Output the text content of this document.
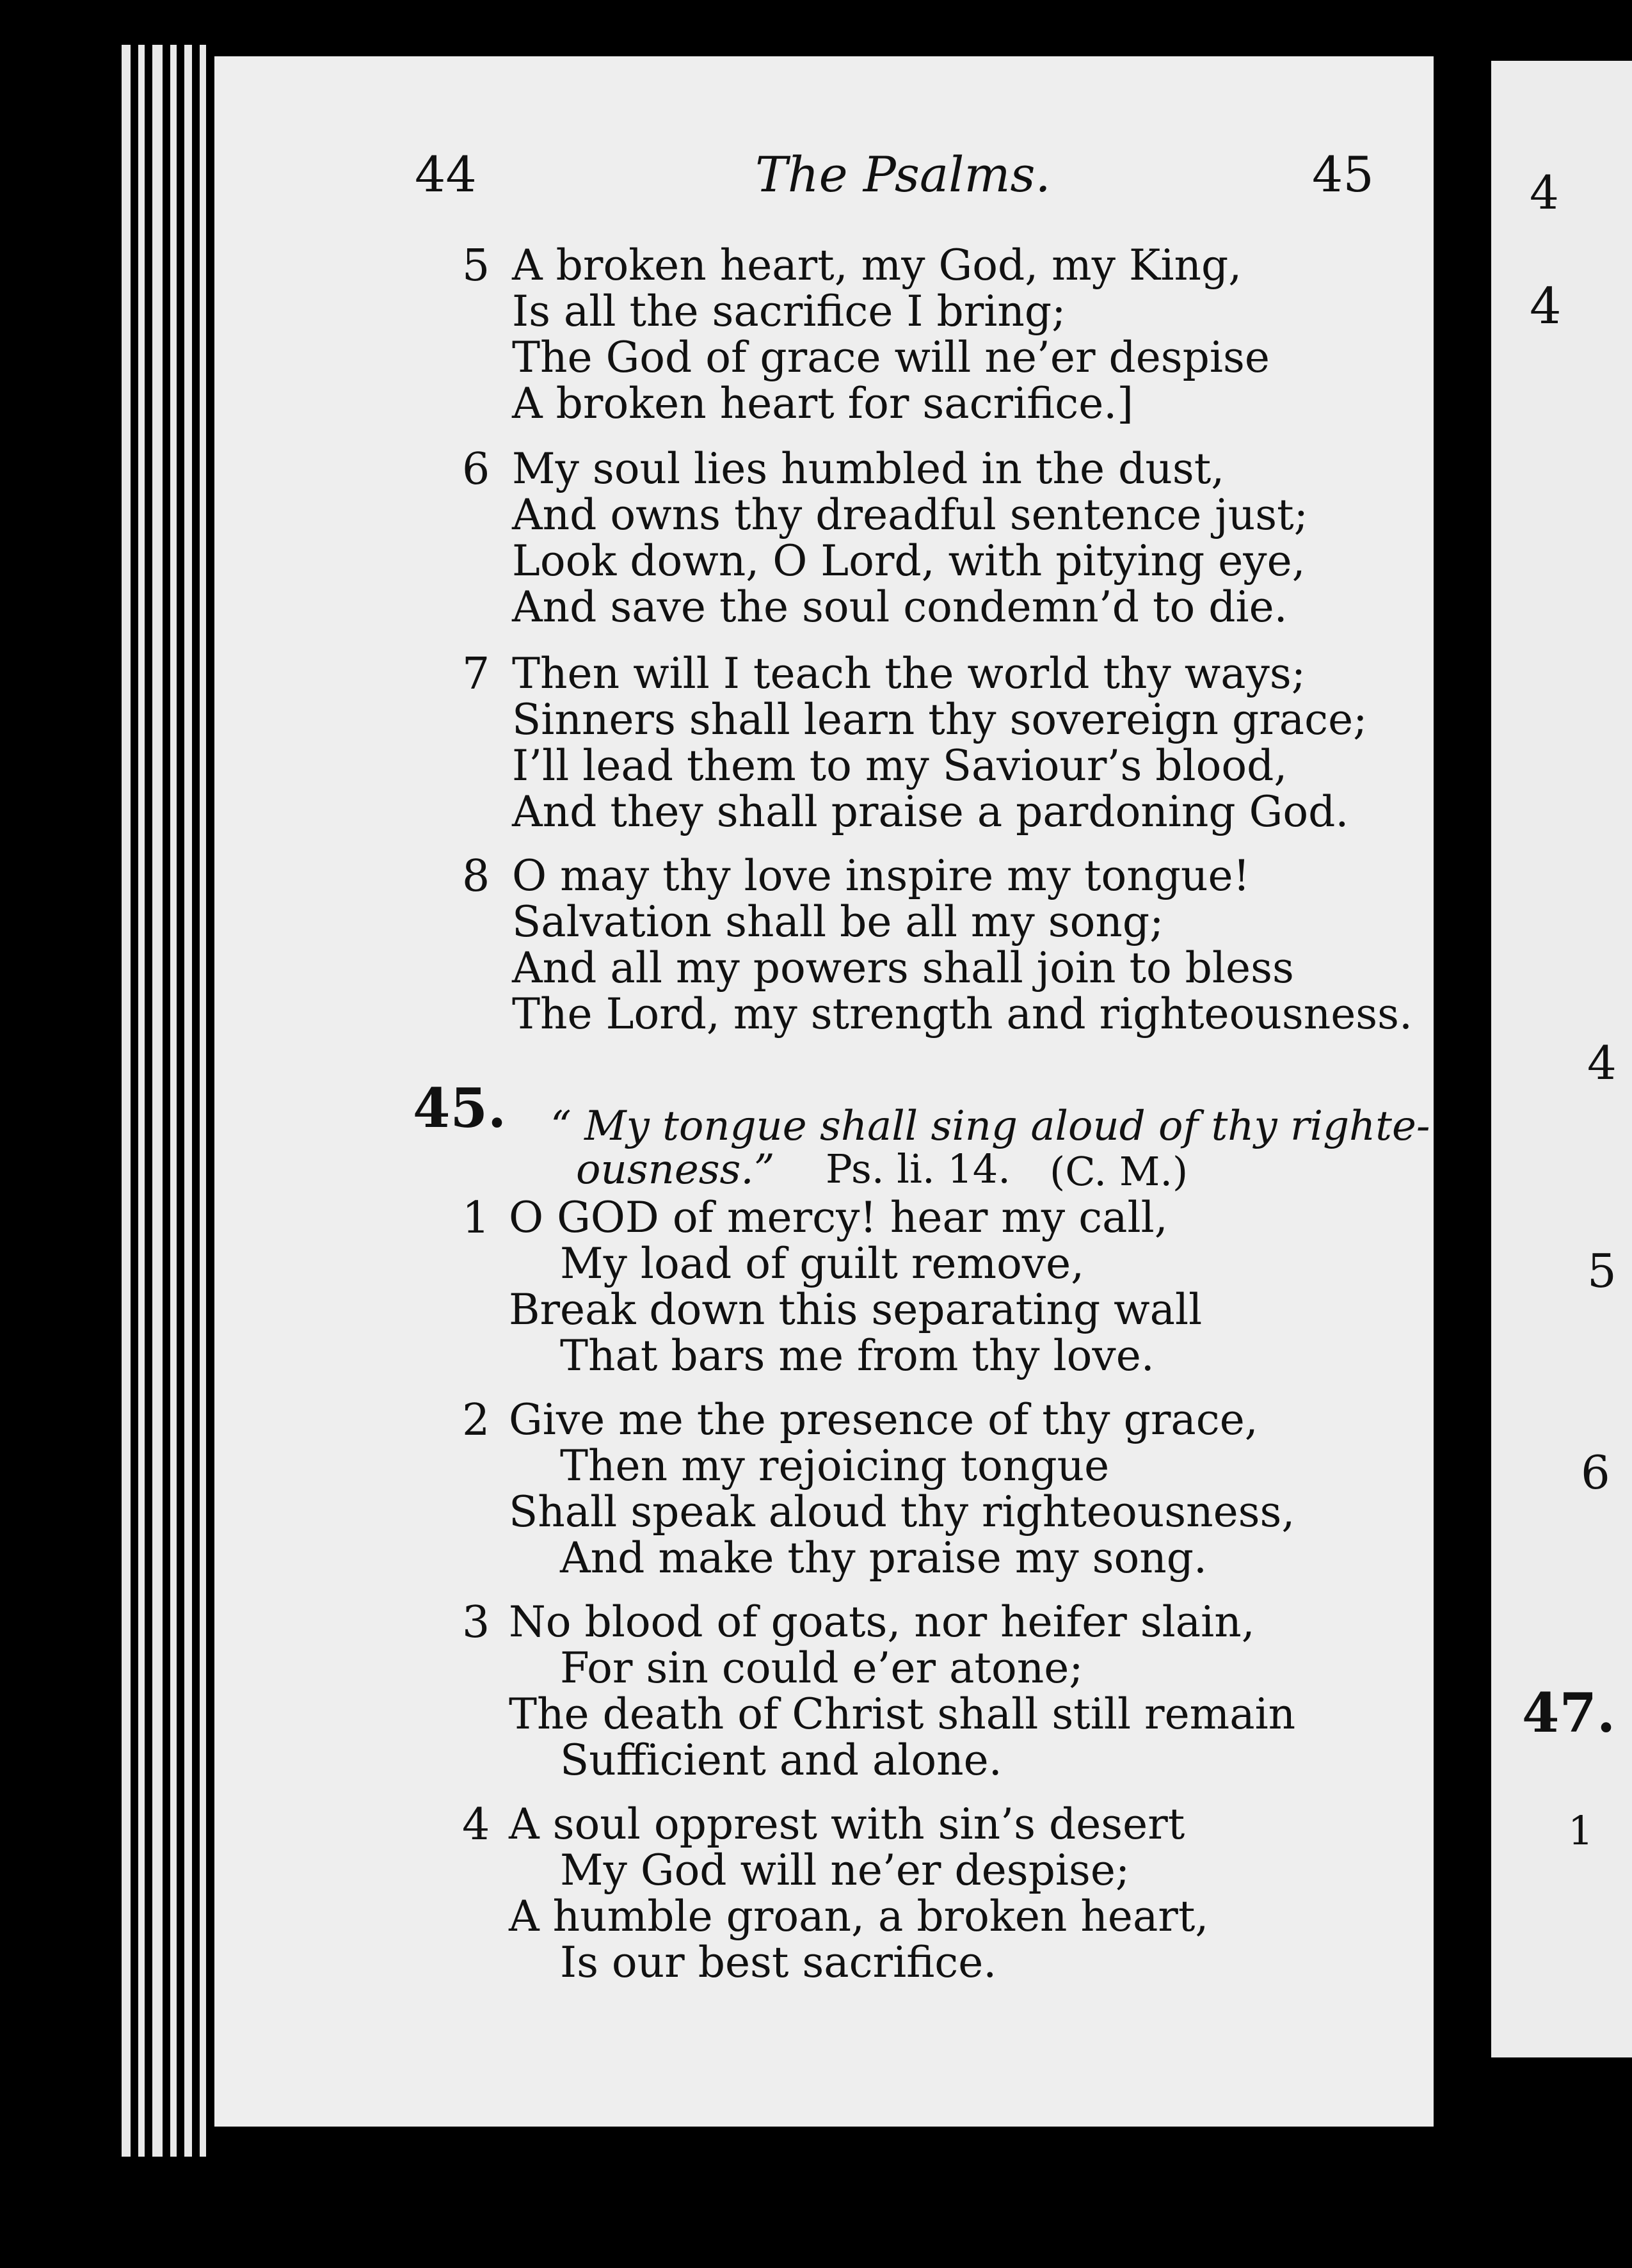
44	The Psalms.	45
5 A broken heart, my God, my King,
Is all the sacrifice I bring;
The God of grace will ne’er despise
A broken heart for sacrifice.]
6 My soul lies humbled in the dust,
And owns thy dreadful sentence just;
Look down, O Lord, with pitying eye,
And save the soul condemn’d to die.
7 Then will I teach the world thy ways;
Sinners shall learn thy sovereign grace;
I’ll lead them to my Saviour’s blood,
And they shall praise a pardoning God.
8 O may thy love inspire my tongue!
Salvation shall be all my song;
And all my powers shall join to bless
The Lord, my strength and righteousness.
45. “ My tongue shall sing aloud of thy righte-
ousness.” Ps. li. 14. (C. M.)
1 O GOD of mercy! hear my call,
My load of guilt remove,
Break down this separating wall
That bars me from thy love.
2 Give me the presence of thy grace,
Then my rejoicing tongue
Shall speak aloud thy righteousness,
And make thy praise my song.
3 No blood of goats, nor heifer slain,
For sin could e’er atone;
The death of Christ shall still remain
Sufficient and alone.
4 A soul opprest with sin’s desert
My God will ne’er despise;
A humble groan, a broken heart,
Is our best sacrifice.
4
4
4
5
6
47.
1
